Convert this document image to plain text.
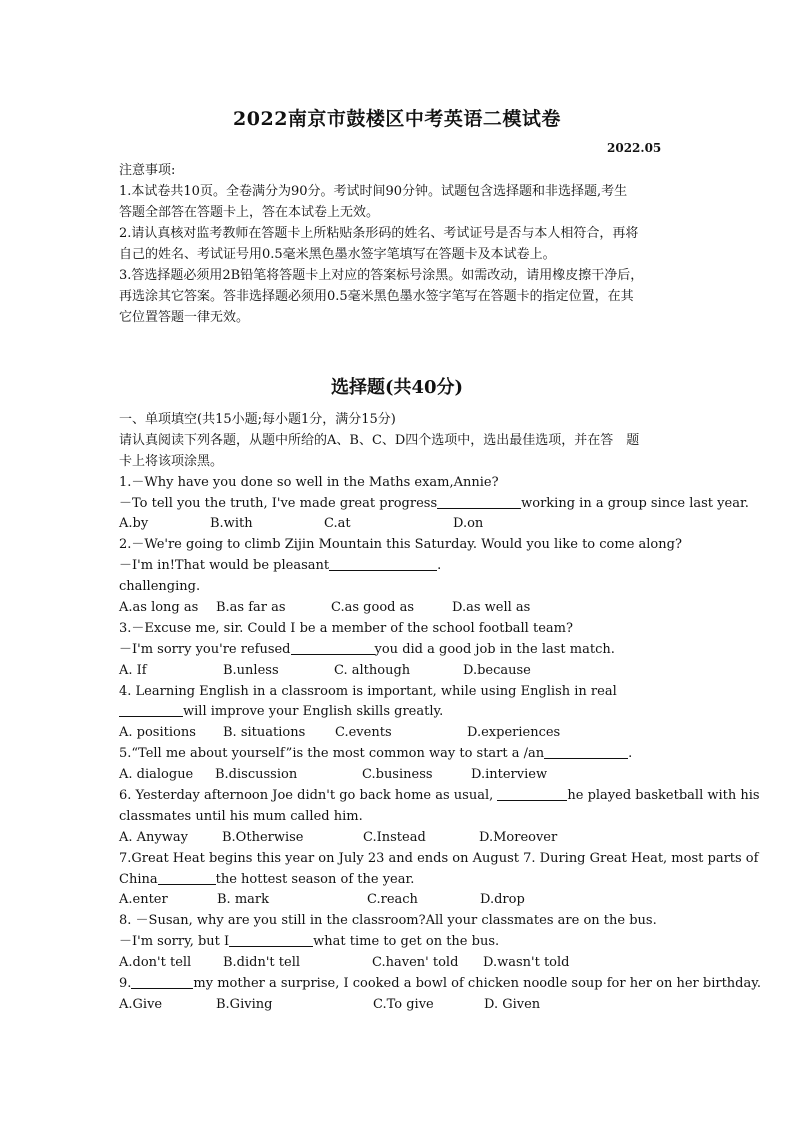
2022南京市鼓楼区中考英语二模试卷
2022.05
注意事项:
1.本试卷共10页。全卷满分为90分。考试时间90分钟。试题包含选择题和非选择题,考生
答题全部答在答题卡上，答在本试卷上无效。
2.请认真核对监考教师在答题卡上所粘贴条形码的姓名、考试证号是否与本人相符合，再将
自己的姓名、考试证号用0.5毫米黑色墨水签字笔填写在答题卡及本试卷上。
3.答选择题必须用2B铅笔将答题卡上对应的答案标号涂黑。如需改动，请用橡皮擦干净后，
再选涂其它答案。答非选择题必须用0.5毫米黑色墨水签字笔写在答题卡的指定位置，在其
它位置答题一律无效。
选择题(共40分)
一、单项填空(共15小题;每小题1分，满分15分)
请认真阅读下列各题，从题中所给的A、B、C、D四个选项中，选出最佳选项，并在答　题
卡上将该项涂黑。
1.－Why have you done so well in the Maths exam,Annie?
－To tell you the truth, I've made great progress	working in a group since last year.
A.by	B.with	C.at	D.on
2.－We're going to climb Zijin Mountain this Saturday. Would you like to come along?
－I'm in!That would be pleasant	.
challenging.
A.as long as B.as far as	C.as good as	D.as well as
3.－Excuse me, sir. Could I be a member of the school football team?
－I'm sorry you're refused	you did a good job in the last match.
A. If	B.unless	C. although	D.because
4. Learning English in a classroom is important, while using English in real
will improve your English skills greatly.
A. positions B. situations C.events	D.experiences
5.“Tell me about yourself”is the most common way to start a /an	.
A. dialogue B.discussion	C.business	D.interview
6. Yesterday afternoon Joe didn't go back home as usual,	he played basketball with his
classmates until his mum called him.
A. Anyway	B.Otherwise	C.Instead	D.Moreover
7.Great Heat begins this year on July 23 and ends on August 7. During Great Heat, most parts of
China	the hottest season of the year.
A.enter	B. mark	C.reach	D.drop
8. －Susan, why are you still in the classroom?All your classmates are on the bus.
－I'm sorry, but I	what time to get on the bus.
A.don't tell B.didn't tell	C.haven' told D.wasn't told
9.	my mother a surprise, I cooked a bowl of chicken noodle soup for her on her birthday.
A.Give	B.Giving	C.To give	D. Given
